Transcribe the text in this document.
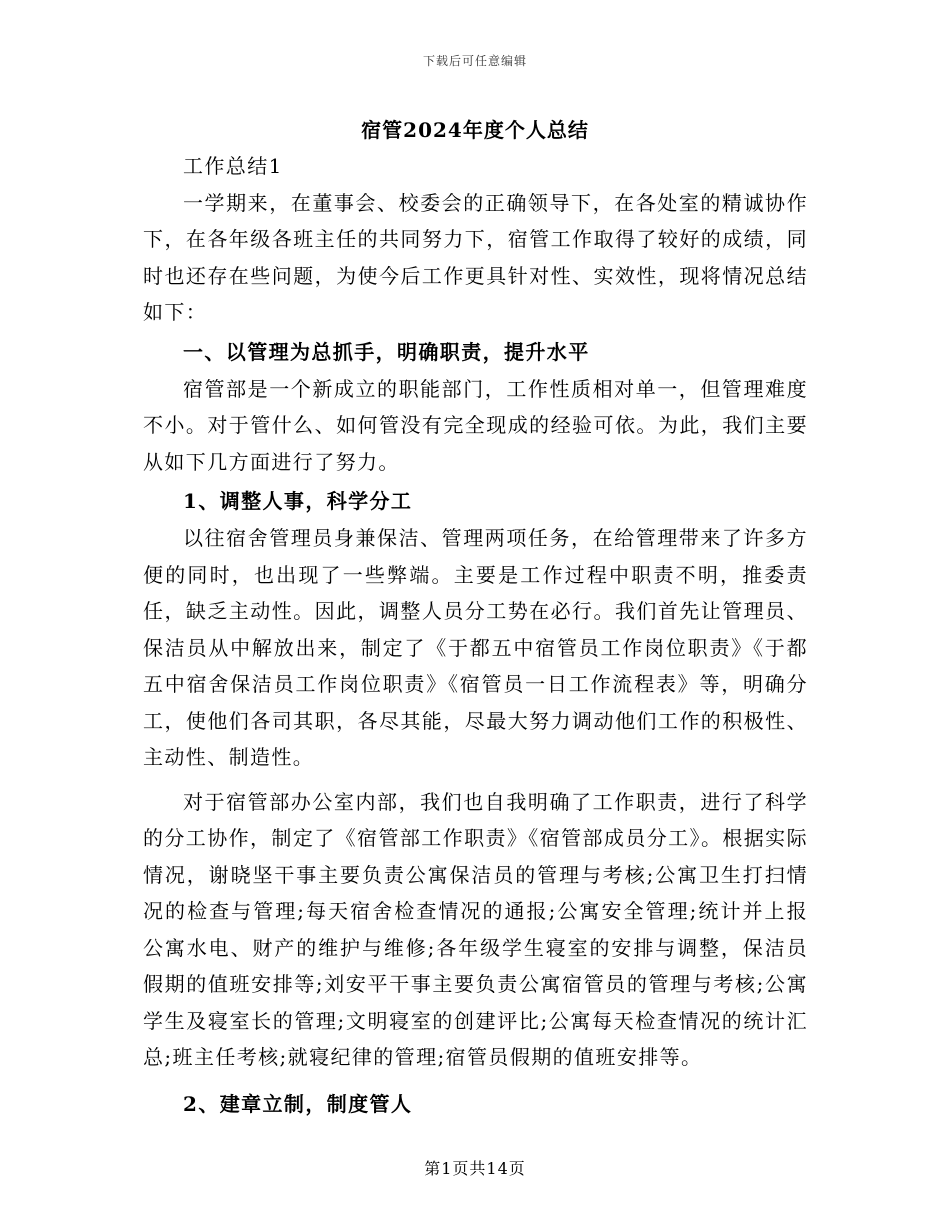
下载后可任意编辑
宿管2024年度个人总结

工作总结1

一学期来，在董事会、校委会的正确领导下，在各处室的精诚协作下，在各年级各班主任的共同努力下，宿管工作取得了较好的成绩，同时也还存在些问题，为使今后工作更具针对性、实效性，现将情况总结如下：

一、以管理为总抓手，明确职责，提升水平

宿管部是一个新成立的职能部门，工作性质相对单一，但管理难度不小。对于管什么、如何管没有完全现成的经验可依。为此，我们主要从如下几方面进行了努力。

1、调整人事，科学分工

以往宿舍管理员身兼保洁、管理两项任务，在给管理带来了许多方便的同时，也出现了一些弊端。主要是工作过程中职责不明，推委责任，缺乏主动性。因此，调整人员分工势在必行。我们首先让管理员、保洁员从中解放出来，制定了《于都五中宿管员工作岗位职责》《于都五中宿舍保洁员工作岗位职责》《宿管员一日工作流程表》等，明确分工，使他们各司其职，各尽其能，尽最大努力调动他们工作的积极性、主动性、制造性。

对于宿管部办公室内部，我们也自我明确了工作职责，进行了科学的分工协作，制定了《宿管部工作职责》《宿管部成员分工》。根据实际情况，谢晓坚干事主要负责公寓保洁员的管理与考核;公寓卫生打扫情况的检查与管理;每天宿舍检查情况的通报;公寓安全管理;统计并上报公寓水电、财产的维护与维修;各年级学生寝室的安排与调整，保洁员假期的值班安排等;刘安平干事主要负责公寓宿管员的管理与考核;公寓学生及寝室长的管理;文明寝室的创建评比;公寓每天检查情况的统计汇总;班主任考核;就寝纪律的管理;宿管员假期的值班安排等。

2、建章立制，制度管人

第1页共14页
